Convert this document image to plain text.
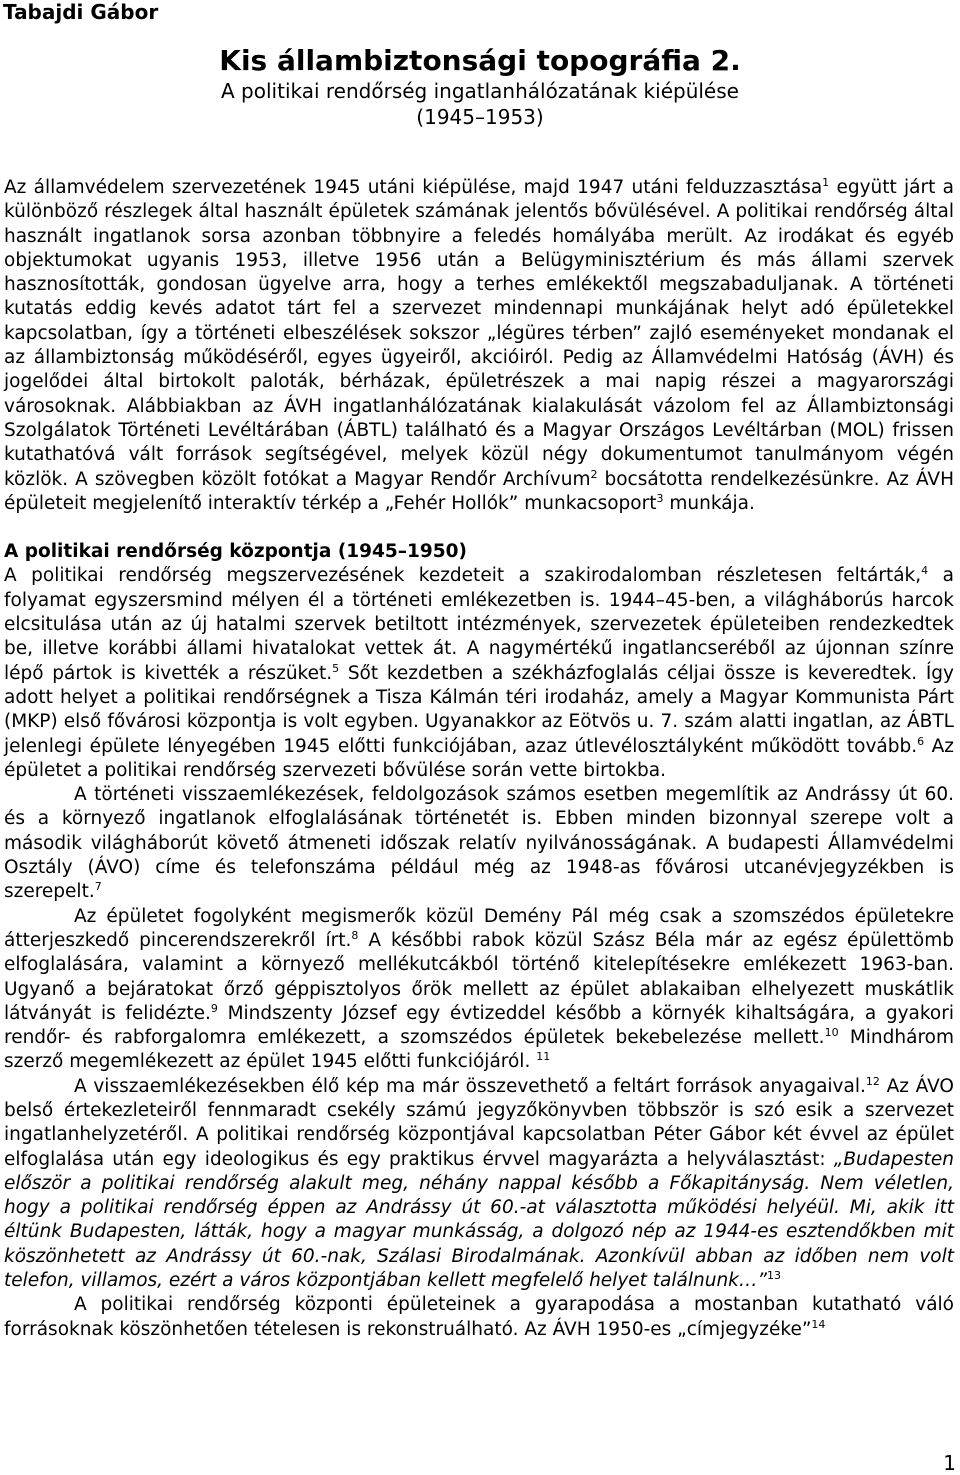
Tabajdi Gábor

Kis állambiztonsági topográfia 2.

A politikai rendőrség ingatlanhálózatának kiépülése

(1945–1953)

Az államvédelem szervezetének 1945 utáni kiépülése, majd 1947 utáni felduzzasztása$^1$ együtt járt a különböző részlegek által használt épületek számának jelentős bővülésével. A politikai rendőrség által használt ingatlanok sorsa azonban többnyire a feledés homályába merült. Az irodákat és egyéb objektumokat ugyanis 1953, illetve 1956 után a Belügyminisztérium és más állami szervek hasznosították, gondosan ügyelve arra, hogy a terhes emlékektől megszabaduljanak. A történeti kutatás eddig kevés adatot tárt fel a szervezet mindennapi munkájának helyt adó épületekkel kapcsolatban, így a történeti elbeszélések sokszor „légüres térben” zajló eseményeket mondanak el az állambiztonság működéséről, egyes ügyeiről, akcióiról. Pedig az Államvédelmi Hatóság (ÁVH) és jogelődei által birtokolt paloták, bérházak, épületrészek a mai napig részei a magyarországi városoknak. Alábbiakban az ÁVH ingatlanhálózatának kialakulását vázolom fel az Állambiztonsági Szolgálatok Történeti Levéltárában (ÁBTL) található és a Magyar Országos Levéltárban (MOL) frissen kutathatóvá vált források segítségével, melyek közül négy dokumentumot tanulmányom végén közlök. A szövegben közölt fotókat a Magyar Rendőr Archívum$^2$ bocsátotta rendelkezésünkre. Az ÁVH épületeit megjelenítő interaktív térkép a „Fehér Hollók” munkacsoport$^3$ munkája.

A politikai rendőrség központja (1945–1950)

A politikai rendőrség megszervezésének kezdeteit a szakirodalomban részletesen feltárták,$^4$ a folyamat egyszersmind mélyen él a történeti emlékezetben is. 1944–45-ben, a világháborús harcok elcsitulása után az új hatalmi szervek betiltott intézmények, szervezetek épületeiben rendezkedtek be, illetve korábbi állami hivatalokat vettek át. A nagymértékű ingatlancseréből az újonnan színre lépő pártok is kivették a részüket.$^5$ Sőt kezdetben a székházfoglalás céljai össze is keveredtek. Így adott helyet a politikai rendőrségnek a Tisza Kálmán téri irodaház, amely a Magyar Kommunista Párt (MKP) első fővárosi központja is volt egyben. Ugyanakkor az Eötvös u. 7. szám alatti ingatlan, az ÁBTL jelenlegi épülete lényegében 1945 előtti funkciójában, azaz útlevélosztályként működött tovább.$^6$ Az épületet a politikai rendőrség szervezeti bővülése során vette birtokba.

A történeti visszaemlékezések, feldolgozások számos esetben megemlítik az Andrássy út 60. és a környező ingatlanok elfoglalásának történetét is. Ebben minden bizonnyal szerepe volt a második világháborút követő átmeneti időszak relatív nyilvánosságának. A budapesti Államvédelmi Osztály (ÁVO) címe és telefonszáma például még az 1948-as fővárosi utcanévjegyzékben is szerepelt.$^7$

Az épületet fogolyként megismerők közül Demény Pál még csak a szomszédos épületekre átterjeszkedő pincerendszerekről írt.$^8$ A későbbi rabok közül Szász Béla már az egész épülettömb elfoglalására, valamint a környező mellékutcákból történő kitelepítésekre emlékezett 1963-ban. Ugyanő a bejáratokat őrző géppisztolyos őrök mellett az épület ablakaiban elhelyezett muskátlik látványát is felidézte.$^9$ Mindszenty József egy évtizeddel később a környék kihaltságára, a gyakori rendőr- és rabforgalomra emlékezett, a szomszédos épületek bekebelezése mellett.$^{10}$ Mindhárom szerző megemlékezett az épület 1945 előtti funkciójáról. $^{11}$

A visszaemlékezésekben élő kép ma már összevethető a feltárt források anyagaival.$^{12}$ Az ÁVO belső értekezleteiről fennmaradt csekély számú jegyzőkönyvben többször is szó esik a szervezet ingatlanhelyzetéről. A politikai rendőrség központjával kapcsolatban Péter Gábor két évvel az épület elfoglalása után egy ideologikus és egy praktikus érvvel magyarázta a helyválasztást: „Budapesten először a politikai rendőrség alakult meg, néhány nappal később a Főkapitányság. Nem véletlen, hogy a politikai rendőrség éppen az Andrássy út 60.-at választotta működési helyéül. Mi, akik itt éltünk Budapesten, látták, hogy a magyar munkásság, a dolgozó nép az 1944-es esztendőkben mit köszönhetett az Andrássy út 60.-nak, Szálasi Birodalmának. Azonkívül abban az időben nem volt telefon, villamos, ezért a város központjában kellett megfelelő helyet találnunk…”$^{13}$

A politikai rendőrség központi épületeinek a gyarapodása a mostanban kutatható váló forrásoknak köszönhetően tételesen is rekonstruálható. Az ÁVH 1950-es „címjegyzéke”$^{14}$

1
